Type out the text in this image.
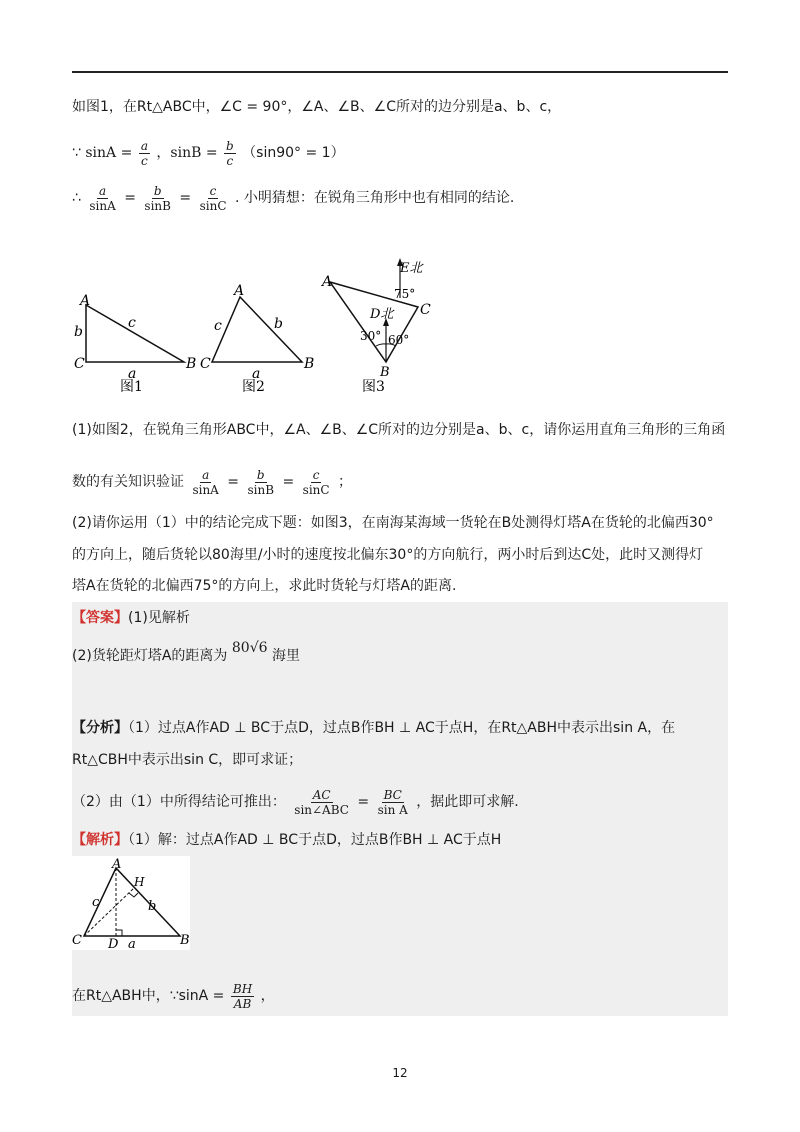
如图1，在Rt△ABC中，∠C = 90°，∠A、∠B、∠C所对的边分别是a、b、c，
∵ $\sin A = \frac{a}{c}$ ，$\sin B = \frac{b}{c} (\sin 90^\circ = 1)$
∴ $\frac{a}{\sin A} = \frac{b}{\sin B} = \frac{c}{\sin C}$ . 小明猜想：在锐角三角形中也有相同的结论.
A
C	B
b
c
a
图1
A
C	B
c	b
a
图2
A
C
B
E北
75°
D北
30° 60°
图3
(1)如图2，在锐角三角形ABC中，∠A、∠B、∠C所对的边分别是a、b、c，请你运用直角三角形的三角函
数的有关知识验证 $\frac{a}{\sin A} = \frac{b}{\sin B} = \frac{c}{\sin C}$ ；
(2)请你运用（1）中的结论完成下题：如图3，在南海某海域一货轮在B处测得灯塔A在货轮的北偏西30°
的方向上，随后货轮以80海里/小时的速度按北偏东30°的方向航行，两小时后到达C处，此时又测得灯
塔A在货轮的北偏西75°的方向上，求此时货轮与灯塔A的距离.
【答案】(1)见解析
(2)货轮距灯塔A的距离为 80√6 海里
【分析】（1）过点A作AD ⊥ BC于点D，过点B作BH ⊥ AC于点H，在Rt△ABH中表示出sin A，在
Rt△CBH中表示出sin C，即可求证；
（2）由（1）中所得结论可推出： $\frac{AC}{\text{sin∠ABC}} = \frac{BC}{\text{sin A}}$ ，据此即可求解.
【解析】（1）解：过点A作AD ⊥ BC于点D，过点B作BH ⊥ AC于点H
A
H
C	B
D
c	b
a
在Rt△ABH中，∵sinA = $\frac{BH}{AB}$ ，
12
